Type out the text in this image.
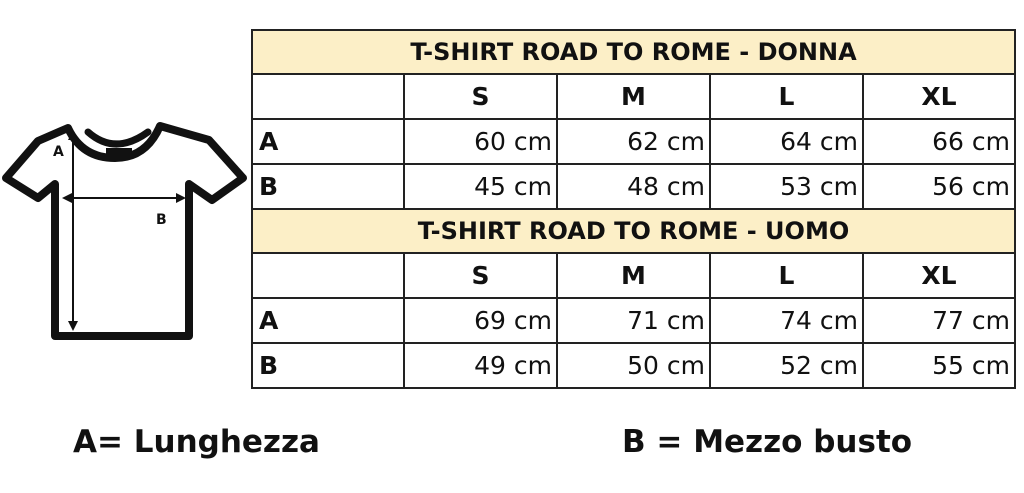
A
B
T-SHIRT ROAD TO ROME - DONNA				
	S	M	L	XL
A	60 cm	62 cm	64 cm	66 cm
B	45 cm	48 cm	53 cm	56 cm
T-SHIRT ROAD TO ROME - UOMO				
	S	M	L	XL
A	69 cm	71 cm	74 cm	77 cm
B	49 cm	50 cm	52 cm	55 cm
A= Lunghezza	B = Mezzo busto
